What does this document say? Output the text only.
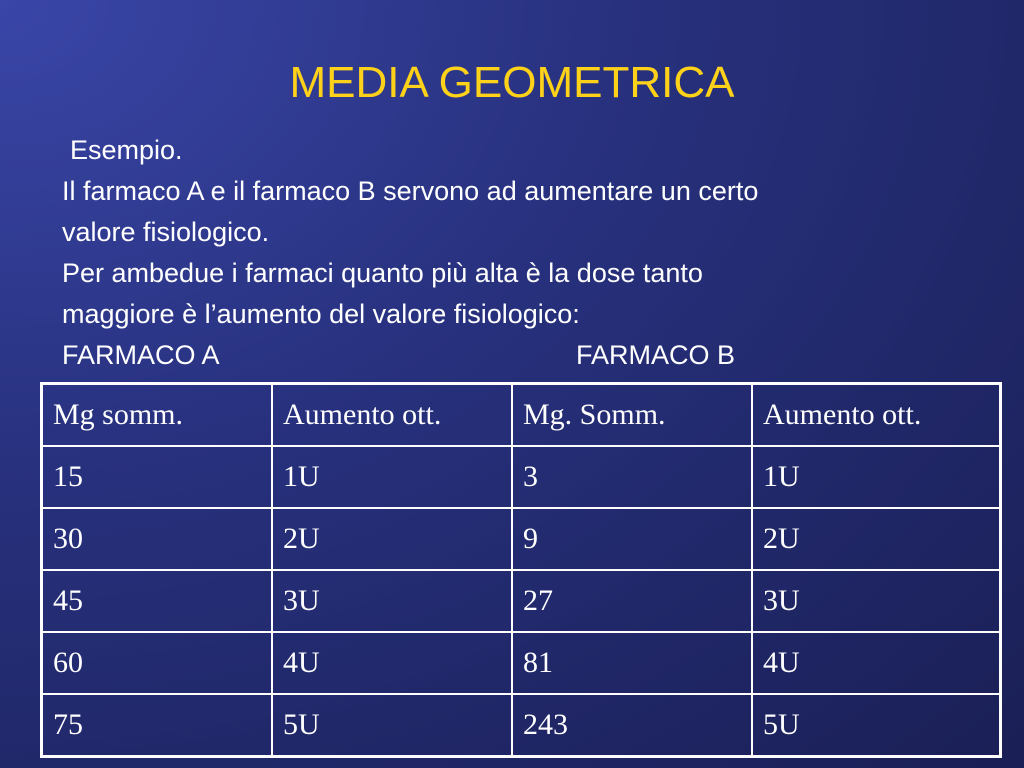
MEDIA GEOMETRICA
Esempio.
Il farmaco A e il farmaco B servono ad aumentare un certo
valore fisiologico.
Per ambedue i farmaci quanto più alta è la dose tanto
maggiore è l’aumento del valore fisiologico:
FARMACO A	FARMACO B
Mg somm.	Aumento ott.	Mg. Somm.	Aumento ott.
15	1U	3	1U
30	2U	9	2U
45	3U	27	3U
60	4U	81	4U
75	5U	243	5U
